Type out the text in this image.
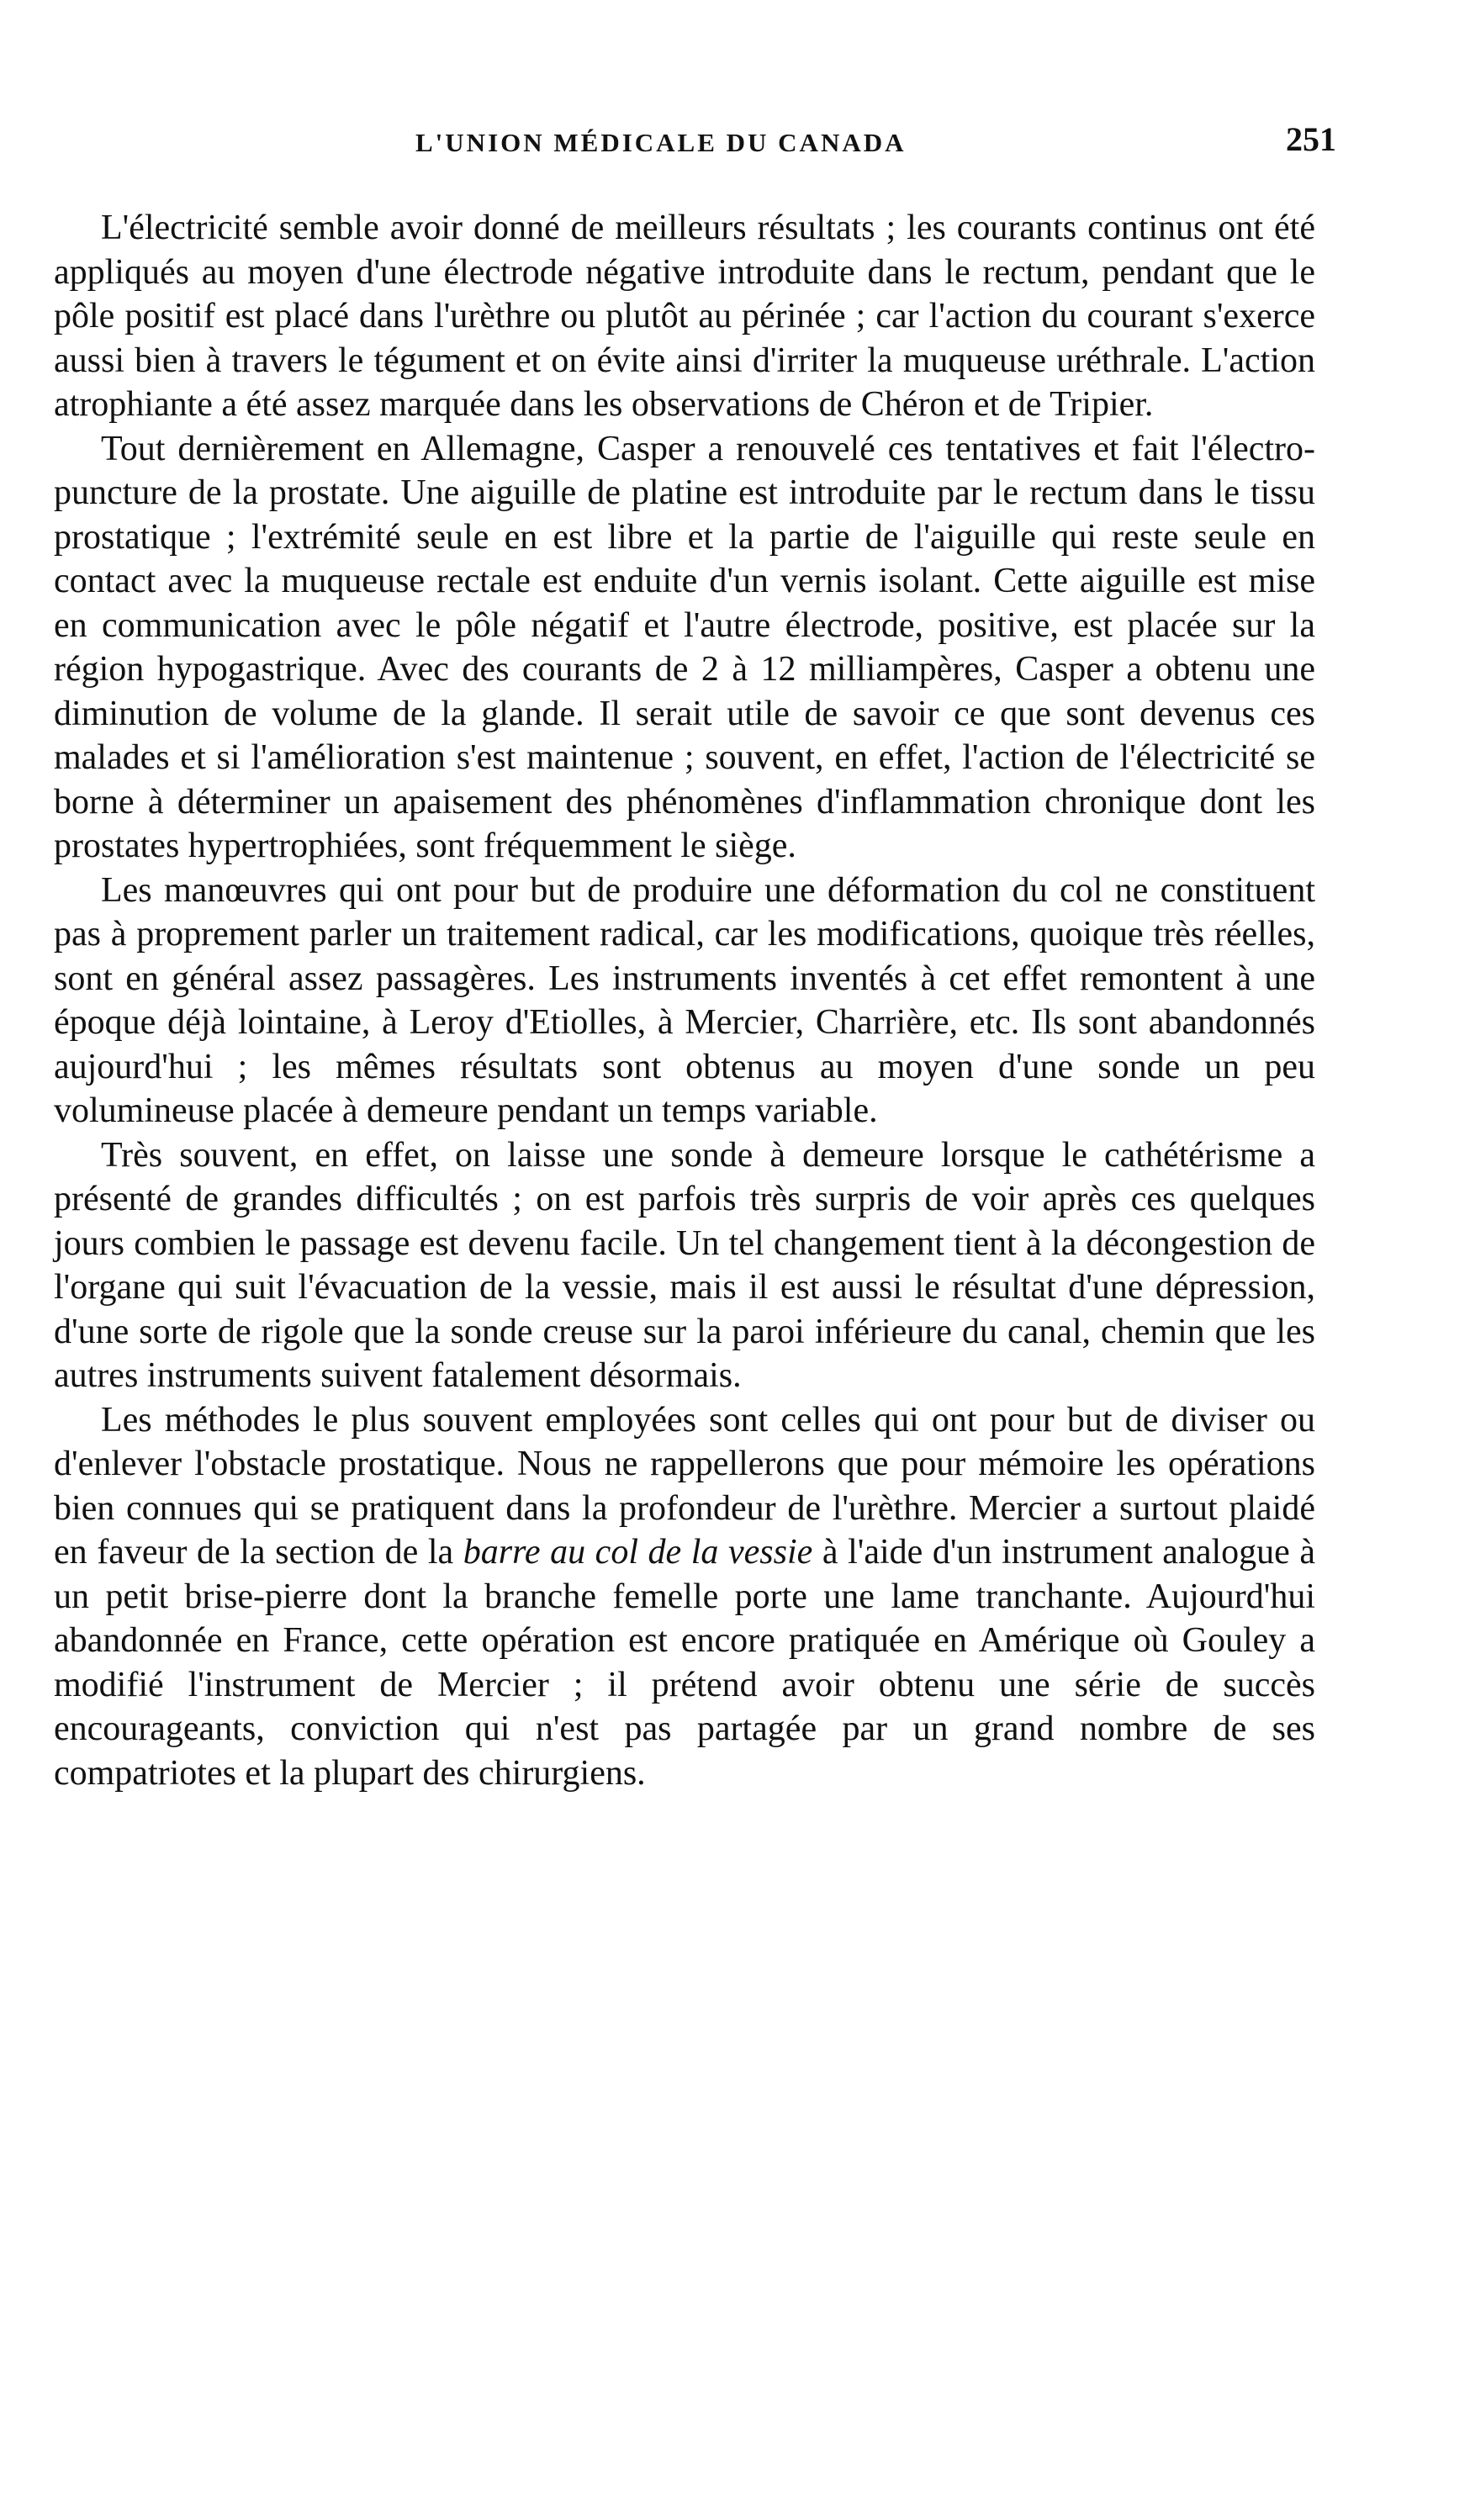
L'UNION MÉDICALE DU CANADA	251

L'électricité semble avoir donné de meilleurs résultats ; les courants continus ont été appliqués au moyen d'une électrode négative introduite dans le rectum, pendant que le pôle positif est placé dans l'urèthre ou plutôt au périnée ; car l'action du courant s'exerce aussi bien à travers le tégument et on évite ainsi d'irriter la muqueuse uréthrale. L'action atrophiante a été assez marquée dans les observations de Chéron et de Tripier.

Tout dernièrement en Allemagne, Casper a renouvelé ces tentatives et fait l'électro-puncture de la prostate. Une aiguille de platine est introduite par le rectum dans le tissu prostatique ; l'extrémité seule en est libre et la partie de l'aiguille qui reste seule en contact avec la muqueuse rectale est enduite d'un vernis isolant. Cette aiguille est mise en communication avec le pôle négatif et l'autre électrode, positive, est placée sur la région hypogastrique. Avec des courants de 2 à 12 milliampères, Casper a obtenu une diminution de volume de la glande. Il serait utile de savoir ce que sont devenus ces malades et si l'amélioration s'est maintenue ; souvent, en effet, l'action de l'électricité se borne à déterminer un apaisement des phénomènes d'inflammation chronique dont les prostates hypertrophiées, sont fréquemment le siège.

Les manœuvres qui ont pour but de produire une déformation du col ne constituent pas à proprement parler un traitement radical, car les modifications, quoique très réelles, sont en général assez passagères. Les instruments inventés à cet effet remontent à une époque déjà lointaine, à Leroy d'Etiolles, à Mercier, Charrière, etc. Ils sont abandonnés aujourd'hui ; les mêmes résultats sont obtenus au moyen d'une sonde un peu volumineuse placée à demeure pendant un temps variable.

Très souvent, en effet, on laisse une sonde à demeure lorsque le cathétérisme a présenté de grandes difficultés ; on est parfois très surpris de voir après ces quelques jours combien le passage est devenu facile. Un tel changement tient à la décongestion de l'organe qui suit l'évacuation de la vessie, mais il est aussi le résultat d'une dépression, d'une sorte de rigole que la sonde creuse sur la paroi inférieure du canal, chemin que les autres instruments suivent fatalement désormais.

Les méthodes le plus souvent employées sont celles qui ont pour but de diviser ou d'enlever l'obstacle prostatique. Nous ne rappellerons que pour mémoire les opérations bien connues qui se pratiquent dans la profondeur de l'urèthre. Mercier a surtout plaidé en faveur de la section de la barre au col de la vessie à l'aide d'un instrument analogue à un petit brise-pierre dont la branche femelle porte une lame tranchante. Aujourd'hui abandonnée en France, cette opération est encore pratiquée en Amérique où Gouley a modifié l'instrument de Mercier ; il prétend avoir obtenu une série de succès encourageants, conviction qui n'est pas partagée par un grand nombre de ses compatriotes et la plupart des chirurgiens.
